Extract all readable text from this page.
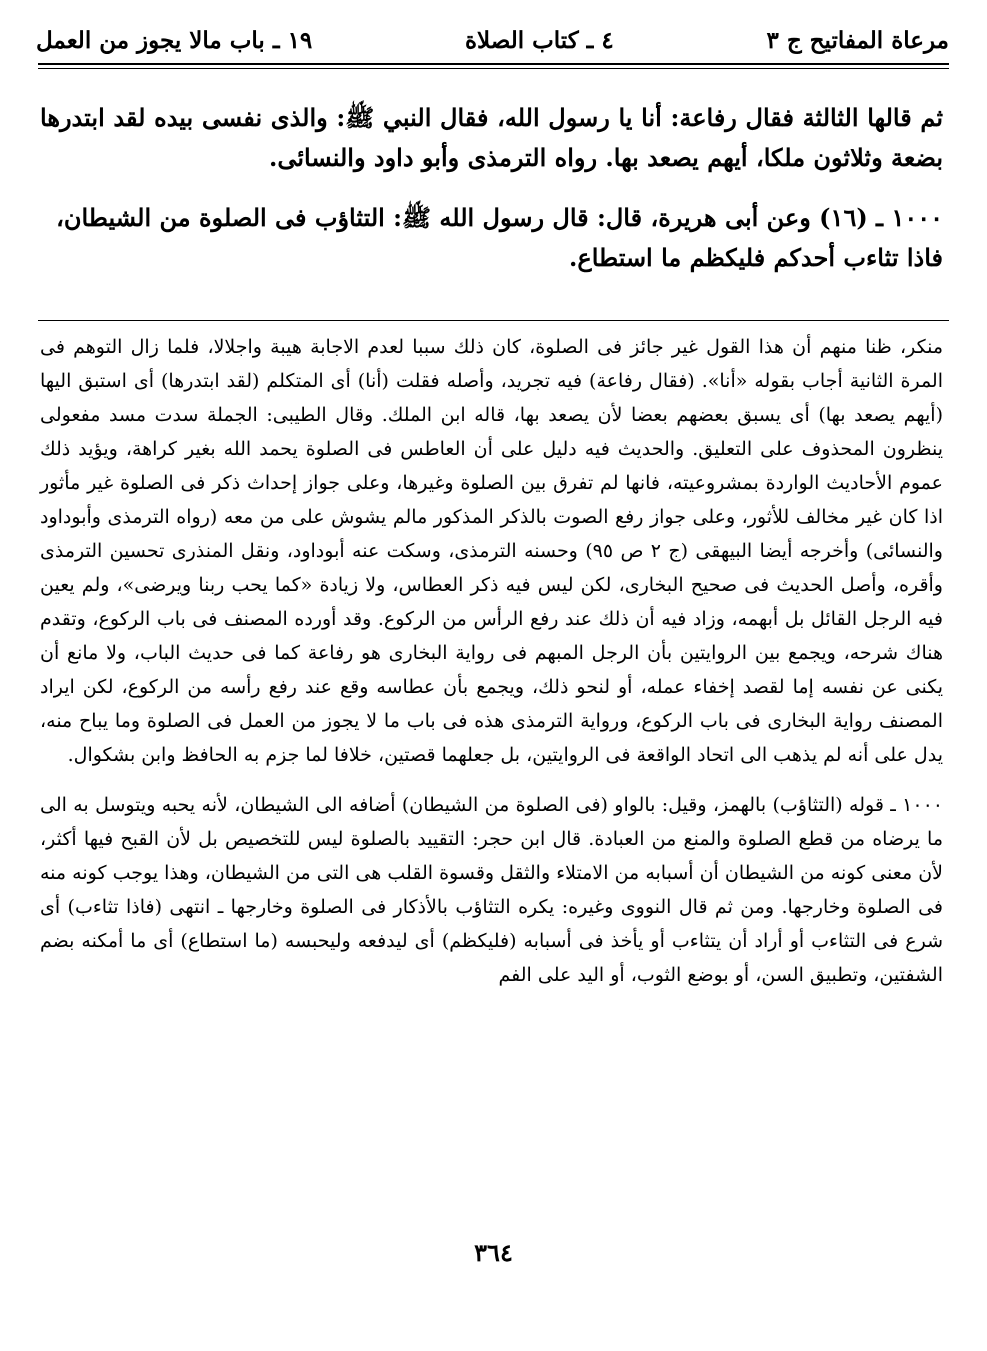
مرعاة المفاتيح ج ٣
٤ ـ كتاب الصلاة
١٩ ـ باب مالا يجوز من العمل

ثم قالها الثالثة فقال رفاعة: أنا يا رسول الله، فقال النبي ﷺ: والذى نفسى بيده لقد ابتدرها بضعة وثلاثون ملكا، أيهم يصعد بها. رواه الترمذى وأبو داود والنسائى.

١٠٠٠ ـ (١٦) وعن أبى هريرة، قال: قال رسول الله ﷺ: التثاؤب فى الصلوة من الشيطان،
فاذا تثاءب أحدكم فليكظم ما استطاع.

منكر، ظنا منهم أن هذا القول غير جائز فى الصلوة، كان ذلك سببا لعدم الاجابة هيبة واجلالا، فلما زال التوهم فى المرة الثانية أجاب بقوله «أنا». (فقال رفاعة) فيه تجريد، وأصله فقلت (أنا) أى المتكلم (لقد ابتدرها) أى استبق اليها (أيهم يصعد بها) أى يسبق بعضهم بعضا لأن يصعد بها، قاله ابن الملك. وقال الطيبى: الجملة سدت مسد مفعولى ينظرون المحذوف على التعليق. والحديث فيه دليل على أن العاطس فى الصلوة يحمد الله بغير كراهة، ويؤيد ذلك عموم الأحاديث الواردة بمشروعيته، فانها لم تفرق بين الصلوة وغيرها، وعلى جواز إحداث ذكر فى الصلوة غير مأثور اذا كان غير مخالف للأثور، وعلى جواز رفع الصوت بالذكر المذكور مالم يشوش على من معه (رواه الترمذى وأبوداود والنسائى) وأخرجه أيضا البيهقى (ج ٢ ص ٩٥) وحسنه الترمذى، وسكت عنه أبوداود، ونقل المنذرى تحسين الترمذى وأقره، وأصل الحديث فى صحيح البخارى، لكن ليس فيه ذكر العطاس، ولا زيادة «كما يحب ربنا ويرضى»، ولم يعين فيه الرجل القائل بل أبهمه، وزاد فيه أن ذلك عند رفع الرأس من الركوع. وقد أورده المصنف فى باب الركوع، وتقدم هناك شرحه، ويجمع بين الروايتين بأن الرجل المبهم فى رواية البخارى هو رفاعة كما فى حديث الباب، ولا مانع أن يكنى عن نفسه إما لقصد إخفاء عمله، أو لنحو ذلك، ويجمع بأن عطاسه وقع عند رفع رأسه من الركوع، لكن ايراد المصنف رواية البخارى فى باب الركوع، ورواية الترمذى هذه فى باب ما لا يجوز من العمل فى الصلوة وما يباح منه، يدل على أنه لم يذهب الى اتحاد الواقعة فى الروايتين، بل جعلهما قصتين، خلافا لما جزم به الحافظ وابن بشكوال.

١٠٠٠ ـ قوله (التثاؤب) بالهمز، وقيل: بالواو (فى الصلوة من الشيطان) أضافه الى الشيطان، لأنه يحبه ويتوسل به الى ما يرضاه من قطع الصلوة والمنع من العبادة. قال ابن حجر: التقييد بالصلوة ليس للتخصيص بل لأن القبح فيها أكثر، لأن معنى كونه من الشيطان أن أسبابه من الامتلاء والثقل وقسوة القلب هى التى من الشيطان، وهذا يوجب كونه منه فى الصلوة وخارجها. ومن ثم قال النووى وغيره: يكره التثاؤب بالأذكار فى الصلوة وخارجها ـ انتهى (فاذا تثاءب) أى شرع فى التثاءب أو أراد أن يتثاءب أو يأخذ فى أسبابه (فليكظم) أى ليدفعه وليحبسه (ما استطاع) أى ما أمكنه بضم الشفتين، وتطبيق السن، أو بوضع الثوب، أو اليد على الفم

٣٦٤
